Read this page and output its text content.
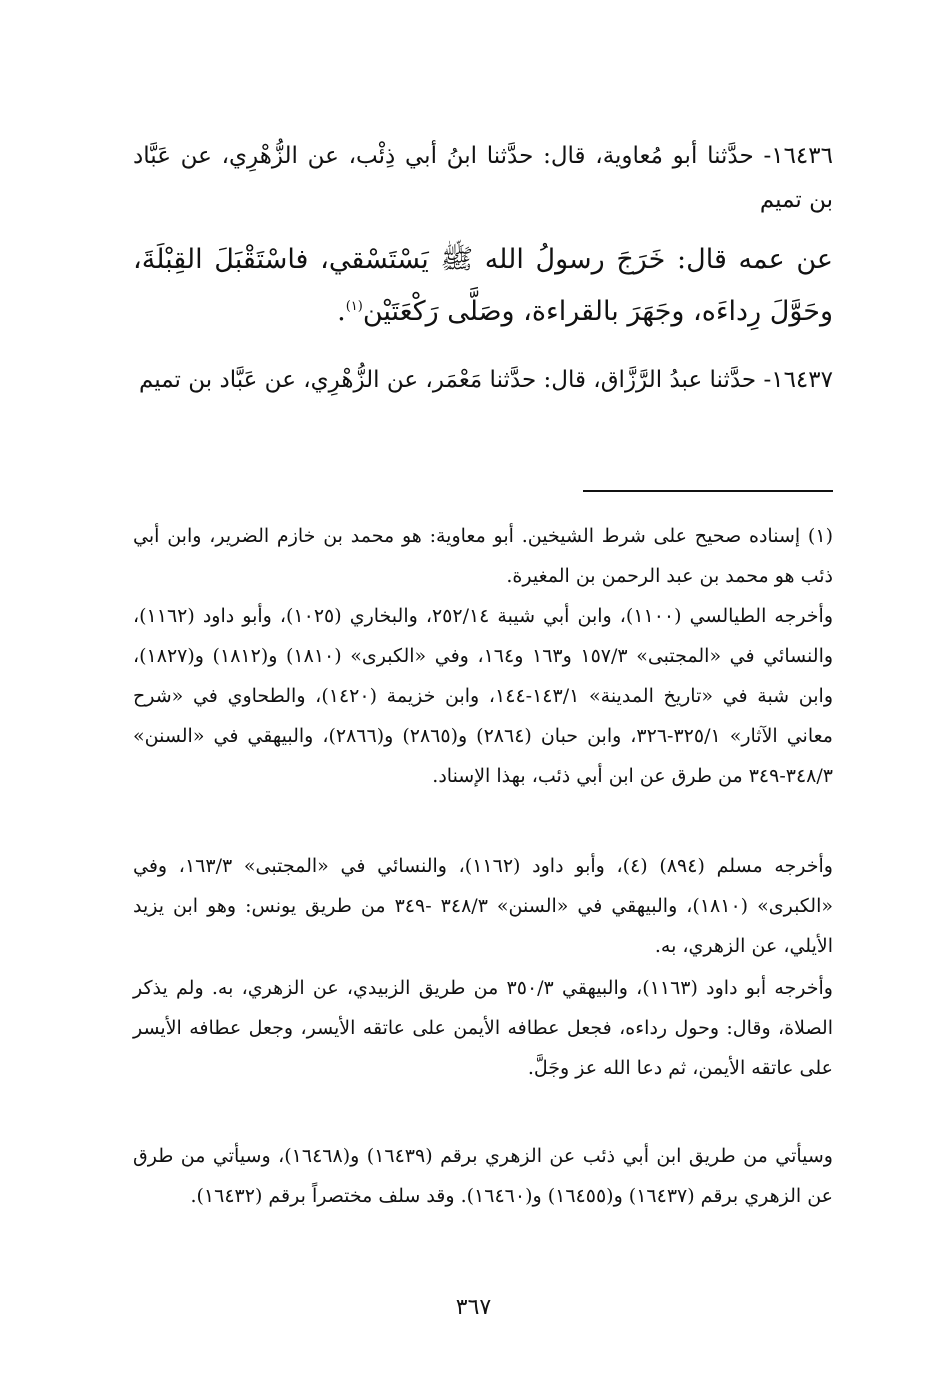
١٦٤٣٦- حدَّثنا أبو مُعاوية، قال: حدَّثنا ابنُ أبي ذِئْب، عن الزُّهْرِي، عن عَبَّاد بن تميم
عن عمه قال: خَرَجَ رسولُ الله ﷺ يَسْتَسْقي، فاسْتَقْبَلَ القِبْلَةَ، وحَوَّلَ رِداءَه، وجَهَرَ بالقراءة، وصَلَّى رَكْعَتَيْن$^{(١)}$.
١٦٤٣٧- حدَّثنا عبدُ الرَّزَّاق، قال: حدَّثنا مَعْمَر، عن الزُّهْرِي، عن عَبَّاد بن تميم
(١) إسناده صحيح على شرط الشيخين. أبو معاوية: هو محمد بن خازم الضرير، وابن أبي ذئب هو محمد بن عبد الرحمن بن المغيرة.
وأخرجه الطيالسي (١١٠٠)، وابن أبي شيبة ٢٥٢/١٤، والبخاري (١٠٢٥)، وأبو داود (١١٦٢)، والنسائي في «المجتبى» ١٥٧/٣ و١٦٣ و١٦٤، وفي «الكبرى» (١٨١٠) و(١٨١٢) و(١٨٢٧)، وابن شبة في «تاريخ المدينة» ١٤٣/١-١٤٤، وابن خزيمة (١٤٢٠)، والطحاوي في «شرح معاني الآثار» ٣٢٥/١-٣٢٦، وابن حبان (٢٨٦٤) و(٢٨٦٥) و(٢٨٦٦)، والبيهقي في «السنن» ٣٤٨/٣-٣٤٩ من طرق عن ابن أبي ذئب، بهذا الإسناد.
وأخرجه مسلم (٨٩٤) (٤)، وأبو داود (١١٦٢)، والنسائي في «المجتبى» ١٦٣/٣، وفي «الكبرى» (١٨١٠)، والبيهقي في «السنن» ٣٤٨/٣ -٣٤٩ من طريق يونس: وهو ابن يزيد الأيلي، عن الزهري، به.
وأخرجه أبو داود (١١٦٣)، والبيهقي ٣٥٠/٣ من طريق الزبيدي، عن الزهري، به. ولم يذكر الصلاة، وقال: وحول رداءه، فجعل عطافه الأيمن على عاتقه الأيسر، وجعل عطافه الأيسر على عاتقه الأيمن، ثم دعا الله عز وجَلَّ.
وسيأتي من طريق ابن أبي ذئب عن الزهري برقم (١٦٤٣٩) و(١٦٤٦٨)، وسيأتي من طرق عن الزهري برقم (١٦٤٣٧) و(١٦٤٥٥) و(١٦٤٦٠). وقد سلف مختصراً برقم (١٦٤٣٢).
٣٦٧
